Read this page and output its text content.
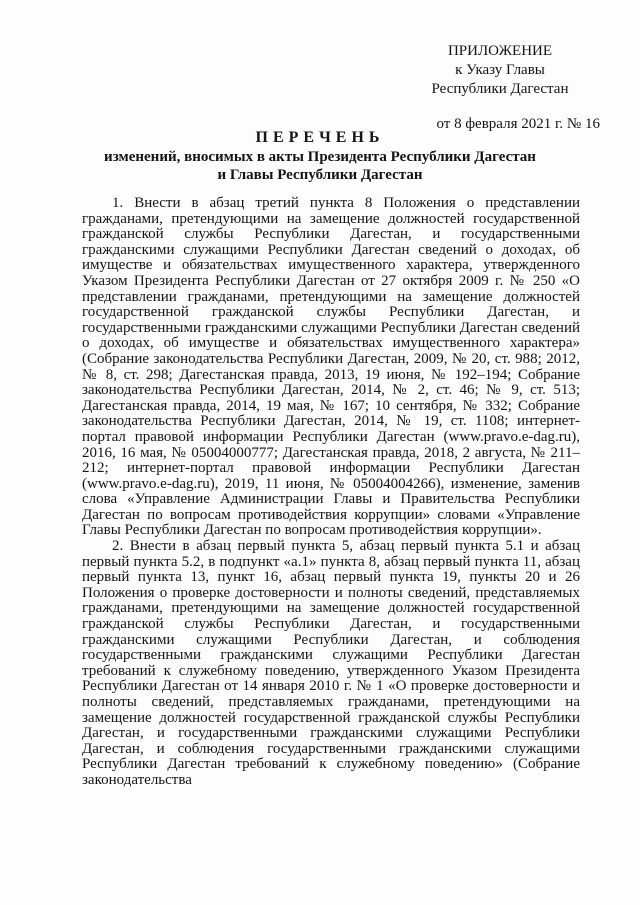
ПРИЛОЖЕНИЕ
к Указу Главы
Республики Дагестан
от 8 февраля 2021 г. № 16
ПЕРЕЧЕНЬ
изменений, вносимых в акты Президента Республики Дагестан
и Главы Республики Дагестан

1. Внести в абзац третий пункта 8 Положения о представлении гражданами, претендующими на замещение должностей государственной гражданской службы Республики Дагестан, и государственными гражданскими служащими Республики Дагестан сведений о доходах, об имуществе и обязательствах имущественного характера, утвержденного Указом Президента Республики Дагестан от 27 октября 2009 г. № 250 «О представлении гражданами, претендующими на замещение должностей государственной гражданской службы Республики Дагестан, и государственными гражданскими служащими Республики Дагестан сведений о доходах, об имуществе и обязательствах имущественного характера» (Собрание законодательства Республики Дагестан, 2009, № 20, ст. 988; 2012, № 8, ст. 298; Дагестанская правда, 2013, 19 июня, № 192–194; Собрание законодательства Республики Дагестан, 2014, № 2, ст. 46; № 9, ст. 513; Дагестанская правда, 2014, 19 мая, № 167; 10 сентября, № 332; Собрание законодательства Республики Дагестан, 2014, № 19, ст. 1108; интернет-портал правовой информации Республики Дагестан (www.pravo.e-dag.ru), 2016, 16 мая, № 05004000777; Дагестанская правда, 2018, 2 августа, № 211–212; интернет-портал правовой информации Республики Дагестан (www.pravo.e-dag.ru), 2019, 11 июня, № 05004004266), изменение, заменив слова «Управление Администрации Главы и Правительства Республики Дагестан по вопросам противодействия коррупции» словами «Управление Главы Республики Дагестан по вопросам противодействия коррупции».

2. Внести в абзац первый пункта 5, абзац первый пункта 5.1 и абзац первый пункта 5.2, в подпункт «а.1» пункта 8, абзац первый пункта 11, абзац первый пункта 13, пункт 16, абзац первый пункта 19, пункты 20 и 26 Положения о проверке достоверности и полноты сведений, представляемых гражданами, претендующими на замещение должностей государственной гражданской службы Республики Дагестан, и государственными гражданскими служащими Республики Дагестан, и соблюдения государственными гражданскими служащими Республики Дагестан требований к служебному поведению, утвержденного Указом Президента Республики Дагестан от 14 января 2010 г. № 1 «О проверке достоверности и полноты сведений, представляемых гражданами, претендующими на замещение должностей государственной гражданской службы Республики Дагестан, и государственными гражданскими служащими Республики Дагестан, и соблюдения государственными гражданскими служащими Республики Дагестан требований к служебному поведению» (Собрание законодательства
